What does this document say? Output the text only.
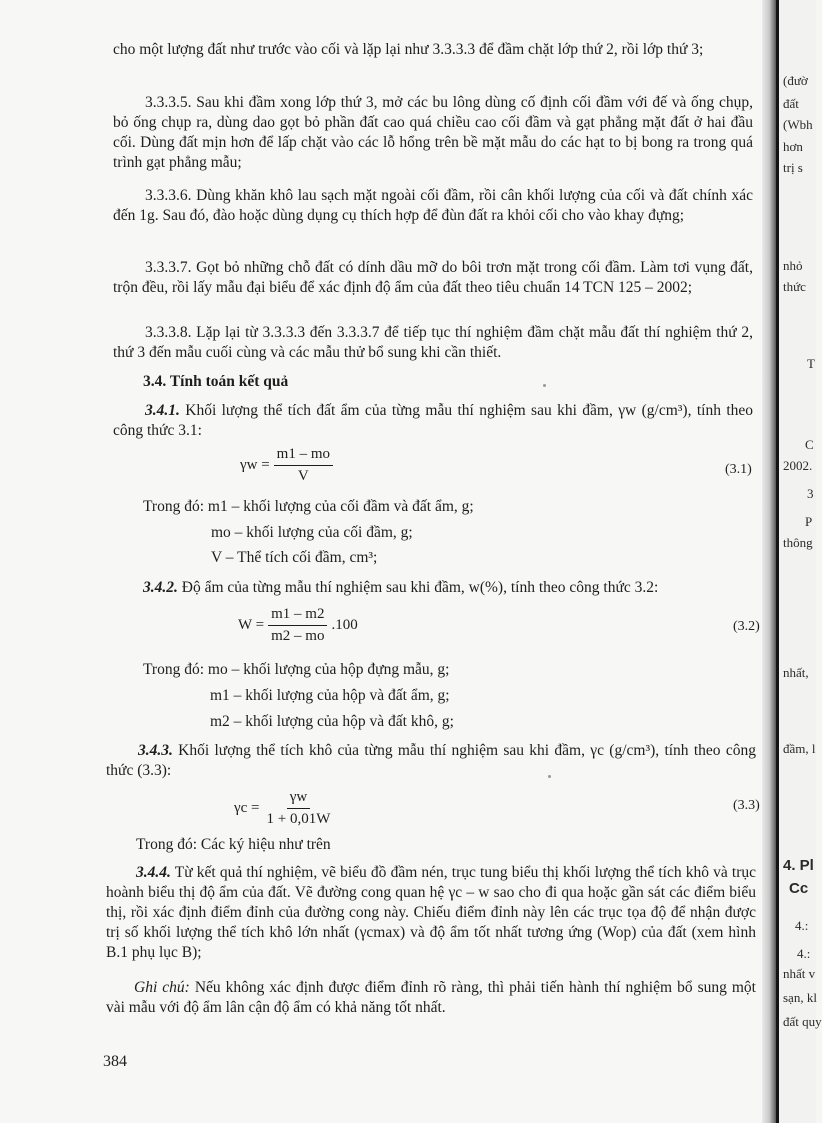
cho một lượng đất như trước vào cối và lặp lại như 3.3.3.3 để đầm chặt lớp thứ 2, rồi lớp thứ 3;
3.3.3.5. Sau khi đầm xong lớp thứ 3, mở các bu lông dùng cố định cối đầm với đế và ống chụp, bỏ ống chụp ra, dùng dao gọt bỏ phần đất cao quá chiều cao cối đầm và gạt phẳng mặt đất ở hai đầu cối. Dùng đất mịn hơn để lấp chặt vào các lỗ hổng trên bề mặt mẫu do các hạt to bị bong ra trong quá trình gạt phẳng mẫu;
3.3.3.6. Dùng khăn khô lau sạch mặt ngoài cối đầm, rồi cân khối lượng của cối và đất chính xác đến 1g. Sau đó, đào hoặc dùng dụng cụ thích hợp để đùn đất ra khỏi cối cho vào khay đựng;
3.3.3.7. Gọt bỏ những chỗ đất có dính dầu mỡ do bôi trơn mặt trong cối đầm. Làm tơi vụng đất, trộn đều, rồi lấy mẫu đại biểu để xác định độ ẩm của đất theo tiêu chuẩn 14 TCN 125 – 2002;
3.3.3.8. Lặp lại từ 3.3.3.3 đến 3.3.3.7 để tiếp tục thí nghiệm đầm chặt mẫu đất thí nghiệm thứ 2, thứ 3 đến mẫu cuối cùng và các mẫu thử bổ sung khi cần thiết.
3.4. Tính toán kết quả
3.4.1. Khối lượng thể tích đất ẩm của từng mẫu thí nghiệm sau khi đầm, γw (g/cm³), tính theo công thức 3.1:
$\gamma w = \frac{m1 - mo}{V}$	(3.1)
Trong đó: m1 – khối lượng của cối đầm và đất ẩm, g;
mo – khối lượng của cối đầm, g;
V – Thể tích cối đầm, cm³;
3.4.2. Độ ẩm của từng mẫu thí nghiệm sau khi đầm, w(%), tính theo công thức 3.2:
$W = \frac{m1 - m2}{m2 - mo} .100$	(3.2)
Trong đó: mo – khối lượng của hộp đựng mẫu, g;
m1 – khối lượng của hộp và đất ẩm, g;
m2 – khối lượng của hộp và đất khô, g;
3.4.3. Khối lượng thể tích khô của từng mẫu thí nghiệm sau khi đầm, γc (g/cm³), tính theo công thức (3.3):
$\gamma c = \frac{\gamma w}{1 + 0,01W}$	(3.3)
Trong đó: Các ký hiệu như trên
3.4.4. Từ kết quả thí nghiệm, vẽ biểu đồ đầm nén, trục tung biểu thị khối lượng thể tích khô và trục hoành biểu thị độ ẩm của đất. Vẽ đường cong quan hệ γc – w sao cho đi qua hoặc gần sát các điểm biểu thị, rồi xác định điểm đỉnh của đường cong này. Chiếu điểm đỉnh này lên các trục tọa độ để nhận được trị số khối lượng thể tích khô lớn nhất (γcmax) và độ ẩm tốt nhất tương ứng (Wop) của đất (xem hình B.1 phụ lục B);
Ghi chú: Nếu không xác định được điểm đỉnh rõ ràng, thì phải tiến hành thí nghiệm bổ sung một vài mẫu với độ ẩm lân cận độ ẩm có khả năng tốt nhất.
384
(đườ
đất
(Wbh
hơn
trị s
nhỏ
thức
T
C
2002.
3
P
thông
nhất,
đầm, l
4. Pl
Cc
4.:
4.:
nhất v
sạn, kl
đất quy
